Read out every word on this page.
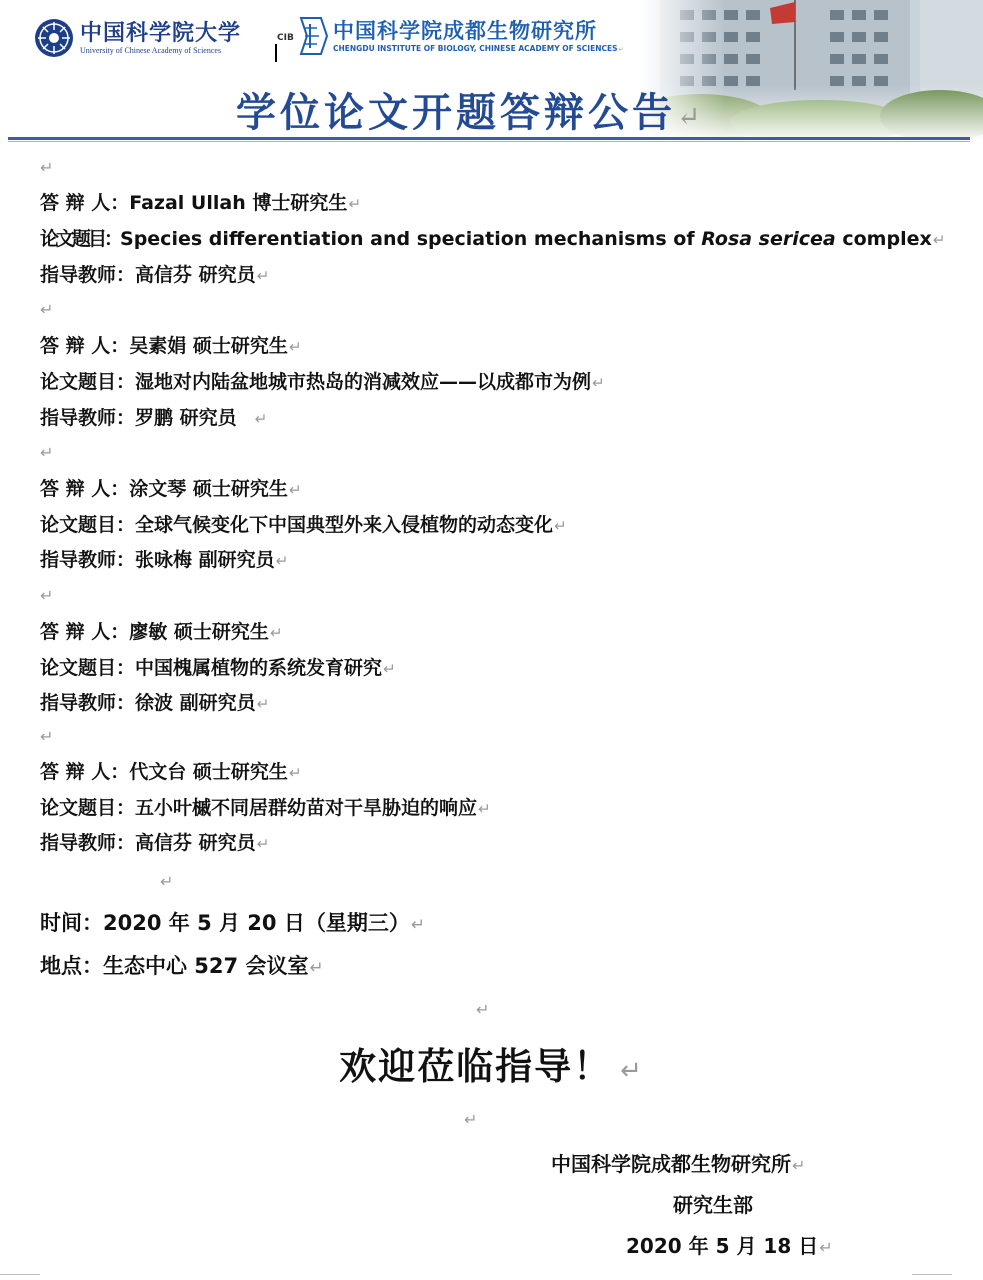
中国科学院大学
University of Chinese Academy of Sciences
CIB 中国科学院成都生物研究所
CHENGDU INSTITUTE OF BIOLOGY, CHINESE ACADEMY OF SCIENCES↵
学位论文开题答辩公告↵
↵
答 辩 人：Fazal Ullah 博士研究生↵
论文题目：Species differentiation and speciation mechanisms of Rosa sericea complex↵
指导教师：高信芬 研究员↵
↵
答 辩 人：吴素娟 硕士研究生↵
论文题目：湿地对内陆盆地城市热岛的消减效应——以成都市为例↵
指导教师：罗鹏 研究员 ↵
↵
答 辩 人：涂文琴 硕士研究生↵
论文题目：全球气候变化下中国典型外来入侵植物的动态变化↵
指导教师：张咏梅 副研究员↵
↵
答 辩 人：廖敏 硕士研究生↵
论文题目：中国槐属植物的系统发育研究↵
指导教师：徐波 副研究员↵
↵
答 辩 人：代文台 硕士研究生↵
论文题目：五小叶槭不同居群幼苗对干旱胁迫的响应↵
指导教师：高信芬 研究员↵
↵
时间：2020 年 5 月 20 日（星期三）↵
地点：生态中心 527 会议室↵
↵
欢迎莅临指导！ ↵
↵
中国科学院成都生物研究所↵
研究生部
2020 年 5 月 18 日↵
